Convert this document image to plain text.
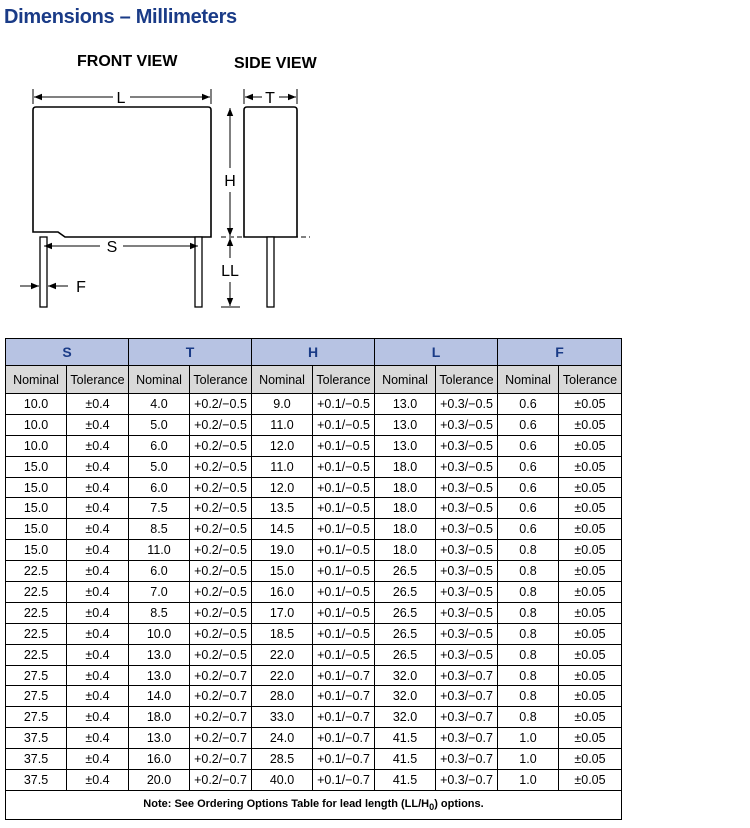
Dimensions – Millimeters
FRONT VIEW	SIDE VIEW
L
S
F
T
H
LL
S		T		H		L		F	
Nominal	Tolerance	Nominal	Tolerance	Nominal	Tolerance	Nominal	Tolerance	Nominal	Tolerance
10.0	±0.4	4.0	+0.2/−0.5	9.0	+0.1/−0.5	13.0	+0.3/−0.5	0.6	±0.05
10.0	±0.4	5.0	+0.2/−0.5	11.0	+0.1/−0.5	13.0	+0.3/−0.5	0.6	±0.05
10.0	±0.4	6.0	+0.2/−0.5	12.0	+0.1/−0.5	13.0	+0.3/−0.5	0.6	±0.05
15.0	±0.4	5.0	+0.2/−0.5	11.0	+0.1/−0.5	18.0	+0.3/−0.5	0.6	±0.05
15.0	±0.4	6.0	+0.2/−0.5	12.0	+0.1/−0.5	18.0	+0.3/−0.5	0.6	±0.05
15.0	±0.4	7.5	+0.2/−0.5	13.5	+0.1/−0.5	18.0	+0.3/−0.5	0.6	±0.05
15.0	±0.4	8.5	+0.2/−0.5	14.5	+0.1/−0.5	18.0	+0.3/−0.5	0.6	±0.05
15.0	±0.4	11.0	+0.2/−0.5	19.0	+0.1/−0.5	18.0	+0.3/−0.5	0.8	±0.05
22.5	±0.4	6.0	+0.2/−0.5	15.0	+0.1/−0.5	26.5	+0.3/−0.5	0.8	±0.05
22.5	±0.4	7.0	+0.2/−0.5	16.0	+0.1/−0.5	26.5	+0.3/−0.5	0.8	±0.05
22.5	±0.4	8.5	+0.2/−0.5	17.0	+0.1/−0.5	26.5	+0.3/−0.5	0.8	±0.05
22.5	±0.4	10.0	+0.2/−0.5	18.5	+0.1/−0.5	26.5	+0.3/−0.5	0.8	±0.05
22.5	±0.4	13.0	+0.2/−0.5	22.0	+0.1/−0.5	26.5	+0.3/−0.5	0.8	±0.05
27.5	±0.4	13.0	+0.2/−0.7	22.0	+0.1/−0.7	32.0	+0.3/−0.7	0.8	±0.05
27.5	±0.4	14.0	+0.2/−0.7	28.0	+0.1/−0.7	32.0	+0.3/−0.7	0.8	±0.05
27.5	±0.4	18.0	+0.2/−0.7	33.0	+0.1/−0.7	32.0	+0.3/−0.7	0.8	±0.05
37.5	±0.4	13.0	+0.2/−0.7	24.0	+0.1/−0.7	41.5	+0.3/−0.7	1.0	±0.05
37.5	±0.4	16.0	+0.2/−0.7	28.5	+0.1/−0.7	41.5	+0.3/−0.7	1.0	±0.05
37.5	±0.4	20.0	+0.2/−0.7	40.0	+0.1/−0.7	41.5	+0.3/−0.7	1.0	±0.05
Note: See Ordering Options Table for lead length $(LL/H_0)$ options.									
